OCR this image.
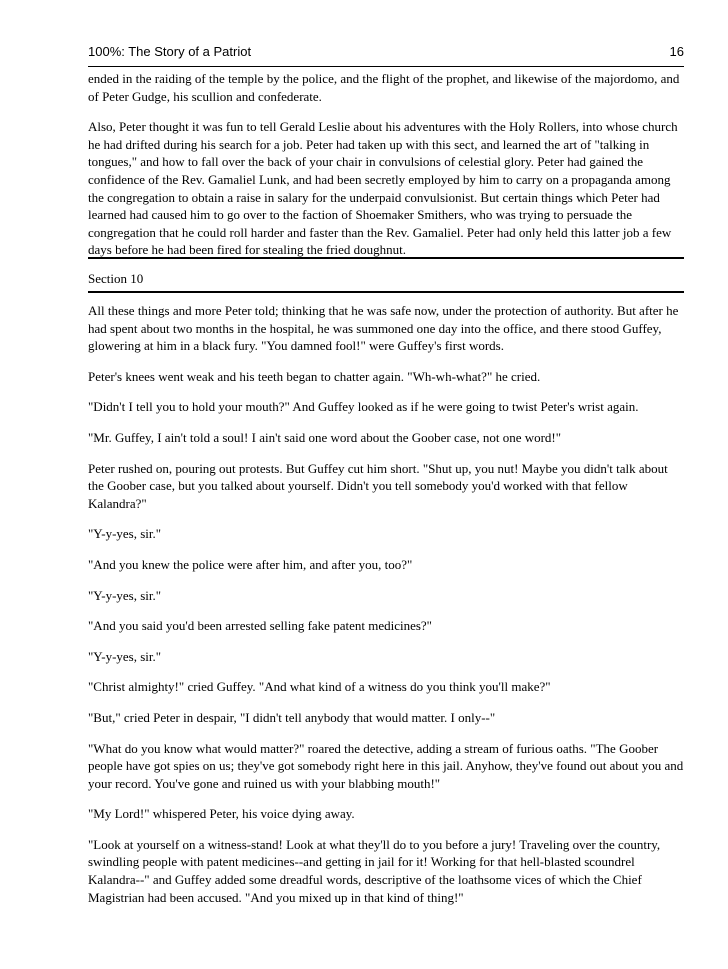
100%: The Story of a Patriot	16

ended in the raiding of the temple by the police, and the flight of the prophet, and likewise of the majordomo, and of Peter Gudge, his scullion and confederate.

Also, Peter thought it was fun to tell Gerald Leslie about his adventures with the Holy Rollers, into whose church he had drifted during his search for a job. Peter had taken up with this sect, and learned the art of "talking in tongues," and how to fall over the back of your chair in convulsions of celestial glory. Peter had gained the confidence of the Rev. Gamaliel Lunk, and had been secretly employed by him to carry on a propaganda among the congregation to obtain a raise in salary for the underpaid convulsionist. But certain things which Peter had learned had caused him to go over to the faction of Shoemaker Smithers, who was trying to persuade the congregation that he could roll harder and faster than the Rev. Gamaliel. Peter had only held this latter job a few days before he had been fired for stealing the fried doughnut.

Section 10

All these things and more Peter told; thinking that he was safe now, under the protection of authority. But after he had spent about two months in the hospital, he was summoned one day into the office, and there stood Guffey, glowering at him in a black fury. "You damned fool!" were Guffey's first words.

Peter's knees went weak and his teeth began to chatter again. "Wh-wh-what?" he cried.

"Didn't I tell you to hold your mouth?" And Guffey looked as if he were going to twist Peter's wrist again.

"Mr. Guffey, I ain't told a soul! I ain't said one word about the Goober case, not one word!"

Peter rushed on, pouring out protests. But Guffey cut him short. "Shut up, you nut! Maybe you didn't talk about the Goober case, but you talked about yourself. Didn't you tell somebody you'd worked with that fellow Kalandra?"

"Y-y-yes, sir."

"And you knew the police were after him, and after you, too?"

"Y-y-yes, sir."

"And you said you'd been arrested selling fake patent medicines?"

"Y-y-yes, sir."

"Christ almighty!" cried Guffey. "And what kind of a witness do you think you'll make?"

"But," cried Peter in despair, "I didn't tell anybody that would matter. I only--"

"What do you know what would matter?" roared the detective, adding a stream of furious oaths. "The Goober people have got spies on us; they've got somebody right here in this jail. Anyhow, they've found out about you and your record. You've gone and ruined us with your blabbing mouth!"

"My Lord!" whispered Peter, his voice dying away.

"Look at yourself on a witness-stand! Look at what they'll do to you before a jury! Traveling over the country, swindling people with patent medicines--and getting in jail for it! Working for that hell-blasted scoundrel Kalandra--" and Guffey added some dreadful words, descriptive of the loathsome vices of which the Chief Magistrian had been accused. "And you mixed up in that kind of thing!"
